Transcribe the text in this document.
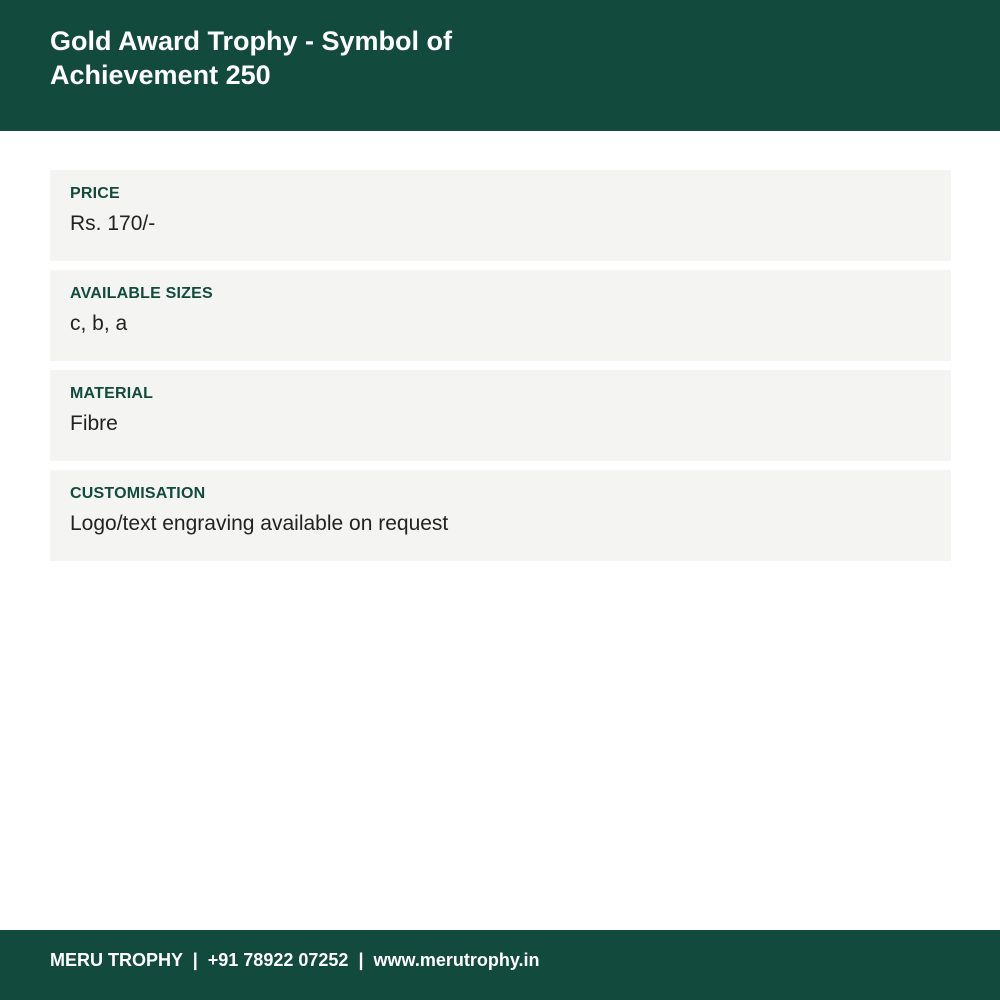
Gold Award Trophy - Symbol of Achievement 250
PRICE
Rs. 170/-
AVAILABLE SIZES
c, b, a
MATERIAL
Fibre
CUSTOMISATION
Logo/text engraving available on request
MERU TROPHY | +91 78922 07252 | www.merutrophy.in
